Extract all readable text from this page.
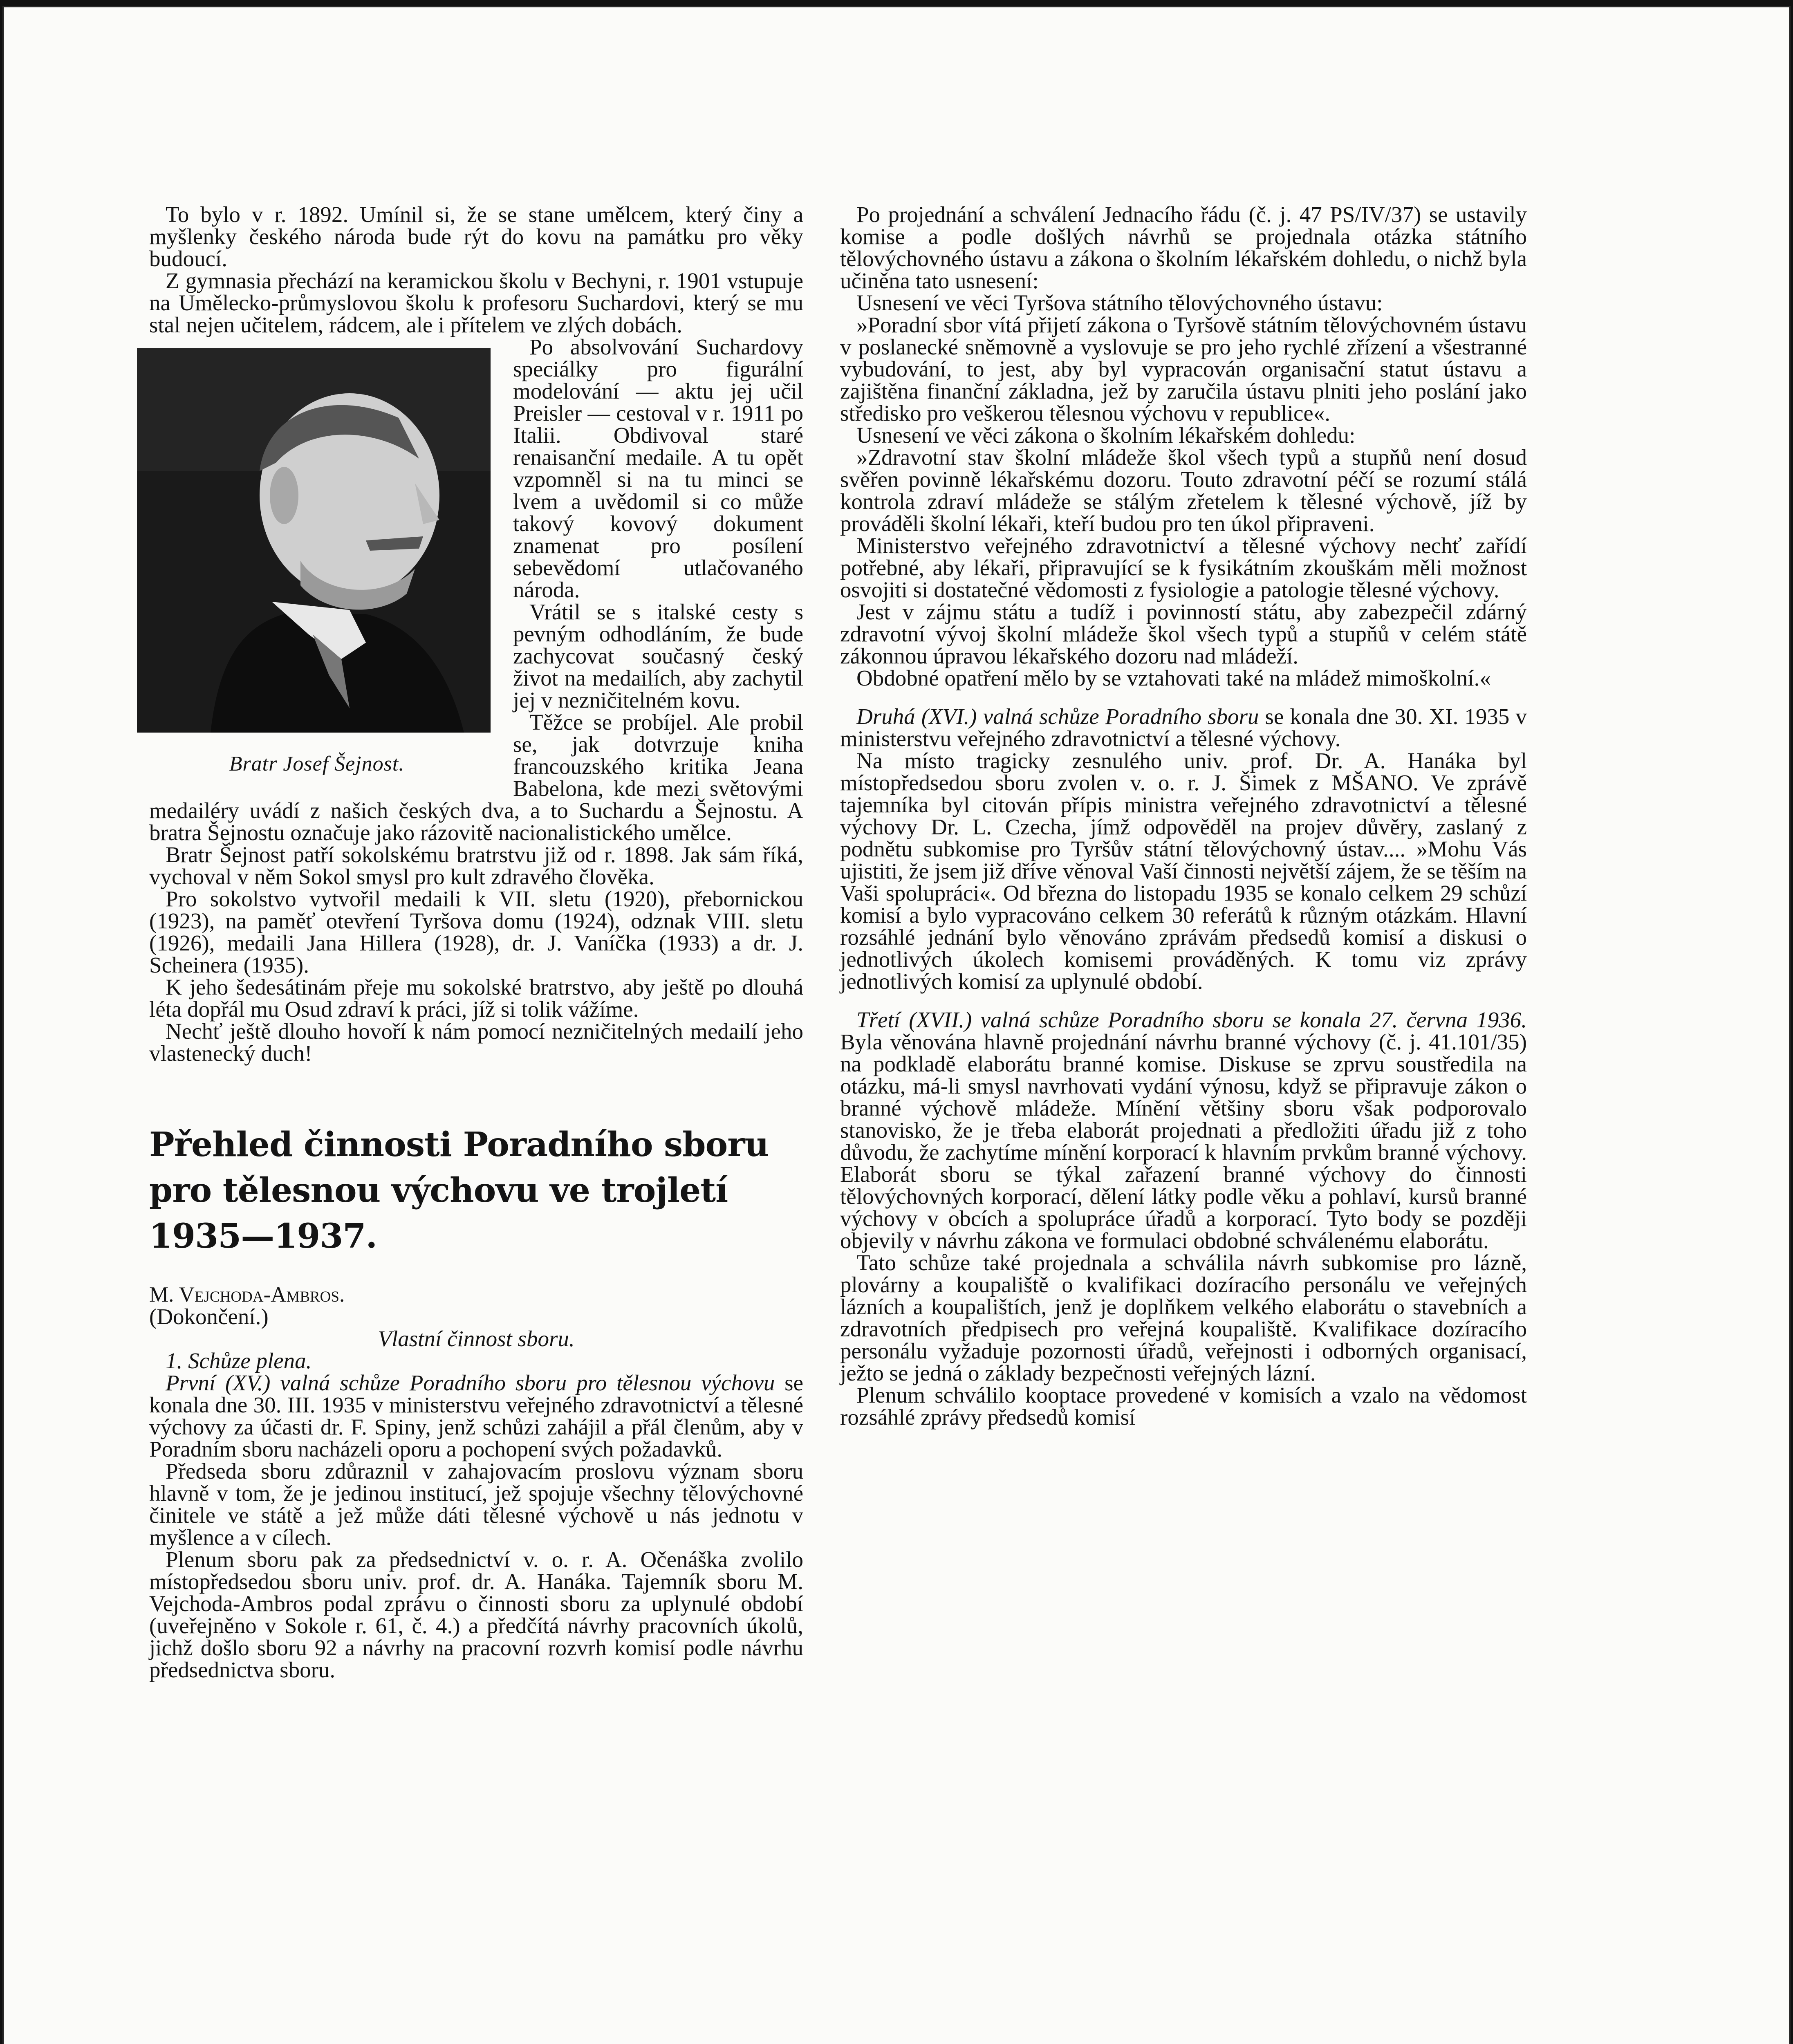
To bylo v r. 1892. Umínil si, že se stane umělcem, který činy a myšlenky českého národa bude rýt do kovu na památku pro věky budoucí.

Z gymnasia přechází na keramickou školu v Bechyni, r. 1901 vstupuje na Umělecko-průmyslovou školu k profesoru Suchardovi, který se mu stal nejen učitelem, rádcem, ale i přítelem ve zlých dobách.

Bratr Josef Šejnost.

Po absolvování Suchardovy speciálky pro figurální modelování — aktu jej učil Preisler — cestoval v r. 1911 po Italii. Obdivoval staré renaisanční medaile. A tu opět vzpomněl si na tu minci se lvem a uvědomil si co může takový kovový dokument znamenat pro posílení sebevědomí utlačovaného národa.

Vrátil se s italské cesty s pevným odhodláním, že bude zachycovat současný český život na medailích, aby zachytil jej v nezničitelném kovu.

Těžce se probíjel. Ale probil se, jak dotvrzuje kniha francouzského kritika Jeana Babelona, kde mezi světovými medailéry uvádí z našich českých dva, a to Suchardu a Šejnostu. A bratra Šejnostu označuje jako rázovitě nacionalistického umělce.

Bratr Šejnost patří sokolskému bratrstvu již od r. 1898. Jak sám říká, vychoval v něm Sokol smysl pro kult zdravého člověka.

Pro sokolstvo vytvořil medaili k VII. sletu (1920), přebornickou (1923), na paměť otevření Tyršova domu (1924), odznak VIII. sletu (1926), medaili Jana Hillera (1928), dr. J. Vaníčka (1933) a dr. J. Scheinera (1935).

K jeho šedesátinám přeje mu sokolské bratrstvo, aby ještě po dlouhá léta dopřál mu Osud zdraví k práci, jíž si tolik vážíme.

Nechť ještě dlouho hovoří k nám pomocí nezničitelných medailí jeho vlastenecký duch!

Přehled činnosti Poradního sboru pro tělesnou výchovu ve trojletí 1935—1937.

M. Vejchoda-Ambros.

(Dokončení.)

Vlastní činnost sboru.

1. Schůze plena.

První (XV.) valná schůze Poradního sboru pro tělesnou výchovu se konala dne 30. III. 1935 v ministerstvu veřejného zdravotnictví a tělesné výchovy za účasti dr. F. Spiny, jenž schůzi zahájil a přál členům, aby v Poradním sboru nacházeli oporu a pochopení svých požadavků.

Předseda sboru zdůraznil v zahajovacím proslovu význam sboru hlavně v tom, že je jedinou institucí, jež spojuje všechny tělovýchovné činitele ve státě a jež může dáti tělesné výchově u nás jednotu v myšlence a v cílech.

Plenum sboru pak za předsednictví v. o. r. A. Očenáška zvolilo místopředsedou sboru univ. prof. dr. A. Hanáka. Tajemník sboru M. Vejchoda-Ambros podal zprávu o činnosti sboru za uplynulé období (uveřejněno v Sokole r. 61, č. 4.) a předčítá návrhy pracovních úkolů, jichž došlo sboru 92 a návrhy na pracovní rozvrh komisí podle návrhu předsednictva sboru.

Po projednání a schválení Jednacího řádu (č. j. 47 PS/IV/37) se ustavily komise a podle došlých návrhů se projednala otázka státního tělovýchovného ústavu a zákona o školním lékařském dohledu, o nichž byla učiněna tato usnesení:

Usnesení ve věci Tyršova státního tělovýchovného ústavu:

»Poradní sbor vítá přijetí zákona o Tyršově státním tělovýchovném ústavu v poslanecké sněmovně a vyslovuje se pro jeho rychlé zřízení a všestranné vybudování, to jest, aby byl vypracován organisační statut ústavu a zajištěna finanční základna, jež by zaručila ústavu plniti jeho poslání jako středisko pro veškerou tělesnou výchovu v republice«.

Usnesení ve věci zákona o školním lékařském dohledu:

»Zdravotní stav školní mládeže škol všech typů a stupňů není dosud svěřen povinně lékařskému dozoru. Touto zdravotní péčí se rozumí stálá kontrola zdraví mládeže se stálým zřetelem k tělesné výchově, jíž by prováděli školní lékaři, kteří budou pro ten úkol připraveni.

Ministerstvo veřejného zdravotnictví a tělesné výchovy nechť zařídí potřebné, aby lékaři, připravující se k fysikátním zkouškám měli možnost osvojiti si dostatečné vědomosti z fysiologie a patologie tělesné výchovy.

Jest v zájmu státu a tudíž i povinností státu, aby zabezpečil zdárný zdravotní vývoj školní mládeže škol všech typů a stupňů v celém státě zákonnou úpravou lékařského dozoru nad mládeží.

Obdobné opatření mělo by se vztahovati také na mládež mimoškolní.«

Druhá (XVI.) valná schůze Poradního sboru se konala dne 30. XI. 1935 v ministerstvu veřejného zdravotnictví a tělesné výchovy.

Na místo tragicky zesnulého univ. prof. Dr. A. Hanáka byl místopředsedou sboru zvolen v. o. r. J. Šimek z MŠANO. Ve zprávě tajemníka byl citován přípis ministra veřejného zdravotnictví a tělesné výchovy Dr. L. Czecha, jímž odpověděl na projev důvěry, zaslaný z podnětu subkomise pro Tyršův státní tělovýchovný ústav.... »Mohu Vás ujistiti, že jsem již dříve věnoval Vaší činnosti největší zájem, že se těším na Vaši spolupráci«. Od března do listopadu 1935 se konalo celkem 29 schůzí komisí a bylo vypracováno celkem 30 referátů k různým otázkám. Hlavní rozsáhlé jednání bylo věnováno zprávám předsedů komisí a diskusi o jednotlivých úkolech komisemi prováděných. K tomu viz zprávy jednotlivých komisí za uplynulé období.

Třetí (XVII.) valná schůze Poradního sboru se konala 27. června 1936. Byla věnována hlavně projednání návrhu branné výchovy (č. j. 41.101/35) na podkladě elaborátu branné komise. Diskuse se zprvu soustředila na otázku, má-li smysl navrhovati vydání výnosu, když se připravuje zákon o branné výchově mládeže. Mínění většiny sboru však podporovalo stanovisko, že je třeba elaborát projednati a předložiti úřadu již z toho důvodu, že zachytíme mínění korporací k hlavním prvkům branné výchovy. Elaborát sboru se týkal zařazení branné výchovy do činnosti tělovýchovných korporací, dělení látky podle věku a pohlaví, kursů branné výchovy v obcích a spolupráce úřadů a korporací. Tyto body se později objevily v návrhu zákona ve formulaci obdobné schválenému elaborátu.

Tato schůze také projednala a schválila návrh subkomise pro lázně, plovárny a koupaliště o kvalifikaci dozíracího personálu ve veřejných lázních a koupalištích, jenž je doplňkem velkého elaborátu o stavebních a zdravotních předpisech pro veřejná koupaliště. Kvalifikace dozíracího personálu vyžaduje pozornosti úřadů, veřejnosti i odborných organisací, ježto se jedná o základy bezpečnosti veřejných lázní.

Plenum schválilo kooptace provedené v komisích a vzalo na vědomost rozsáhlé zprávy předsedů komisí
